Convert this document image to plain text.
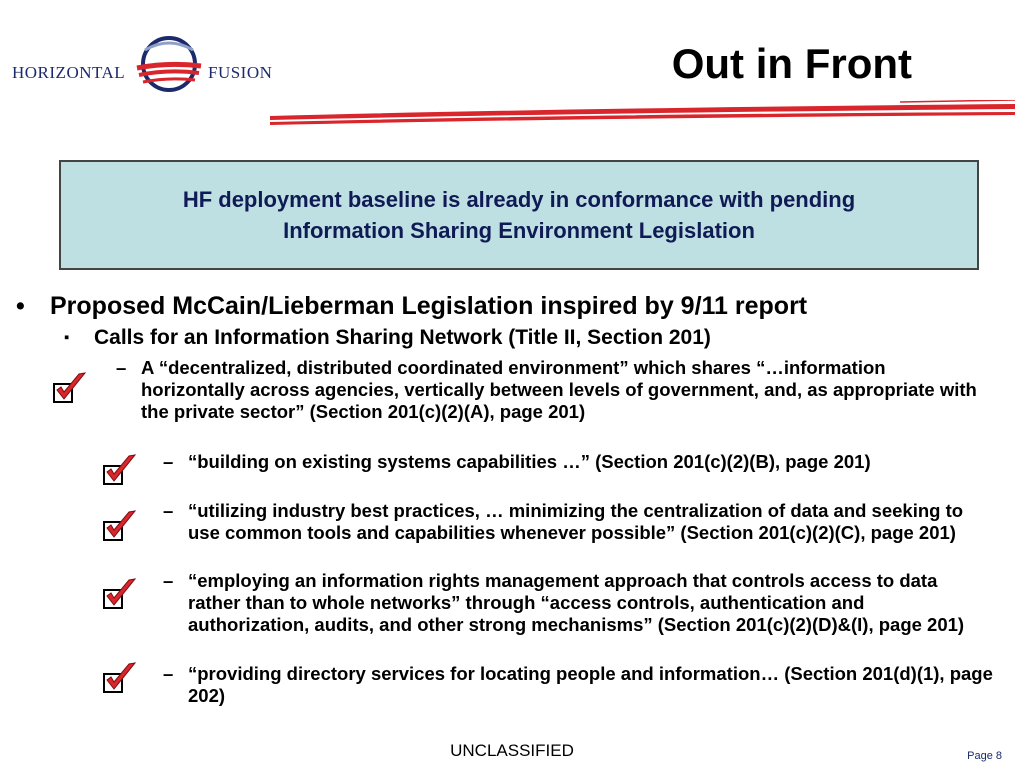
HORIZONTAL	FUSION	Out in Front
HF deployment baseline is already in conformance with pending
Information Sharing Environment Legislation
• Proposed McCain/Lieberman Legislation inspired by 9/11 report
▪ Calls for an Information Sharing Network (Title II, Section 201)
– A “decentralized, distributed coordinated environment” which shares “…information horizontally across agencies, vertically between levels of government, and, as appropriate with the private sector” (Section 201(c)(2)(A), page 201)
– “building on existing systems capabilities …” (Section 201(c)(2)(B), page 201)
– “utilizing industry best practices, … minimizing the centralization of data and seeking to use common tools and capabilities whenever possible” (Section 201(c)(2)(C), page 201)
– “employing an information rights management approach that controls access to data rather than to whole networks” through “access controls, authentication and authorization, audits, and other strong mechanisms” (Section 201(c)(2)(D)&(I), page 201)
– “providing directory services for locating people and information… (Section 201(d)(1), page 202)
UNCLASSIFIED	Page 8
